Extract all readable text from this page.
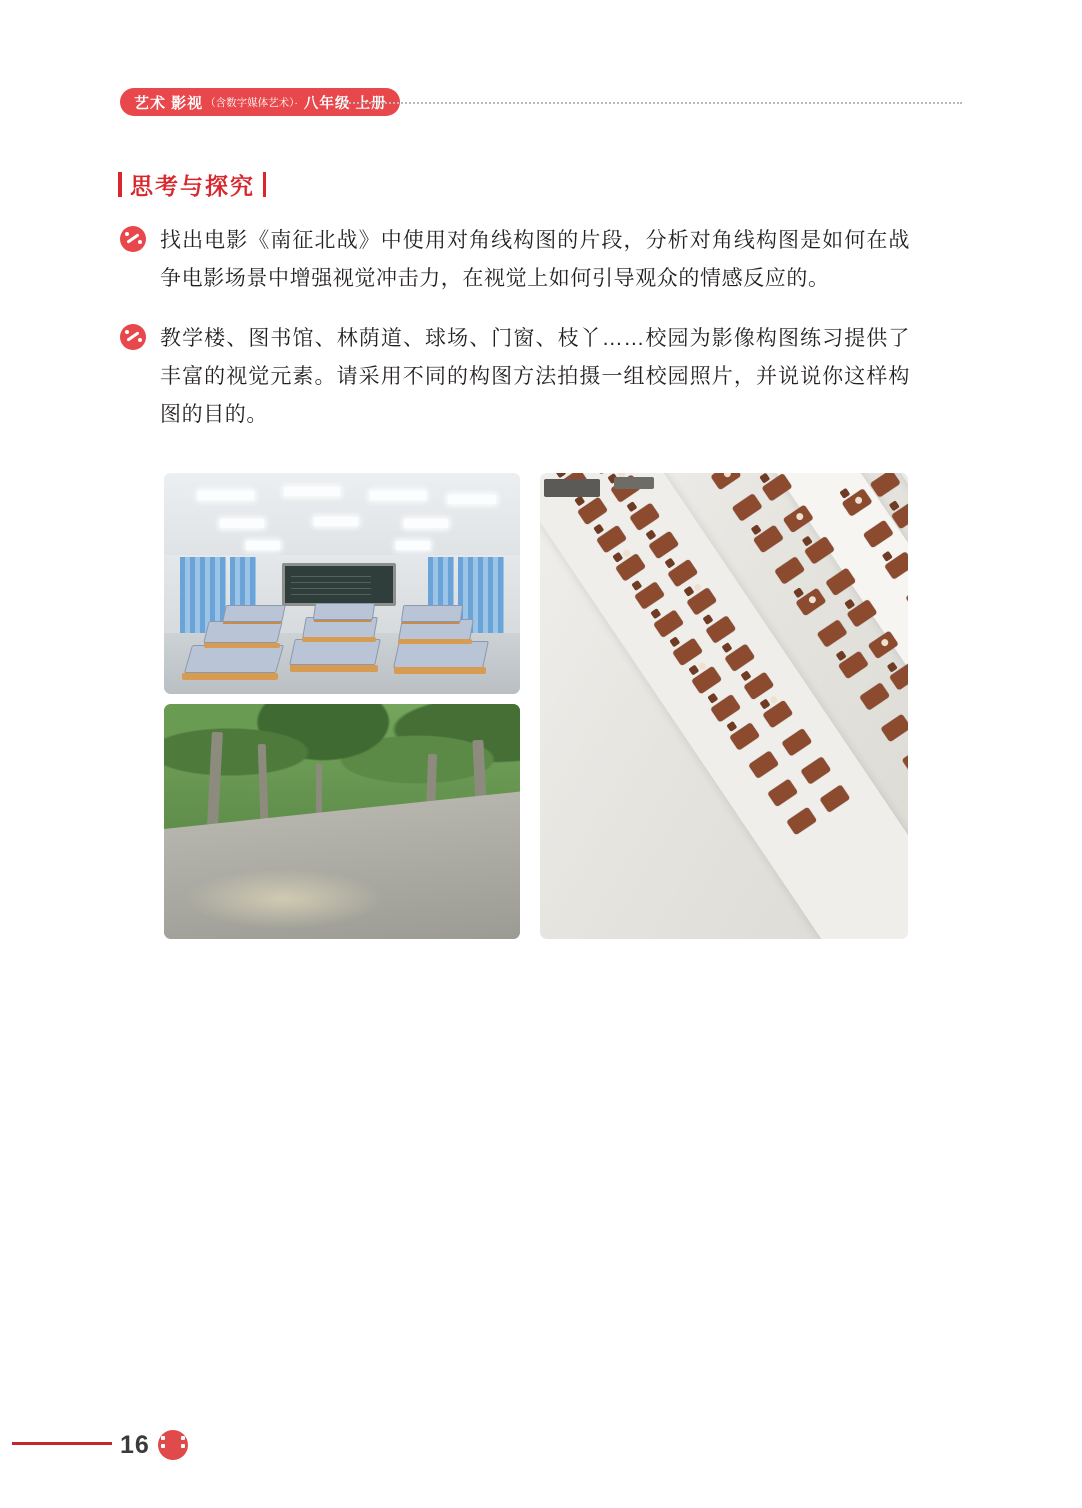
艺术 影视 （含数字媒体艺术）· 八年级 上册
思考与探究
找出电影《南征北战》中使用对角线构图的片段，分析对角线构图是如何在战争电影场景中增强视觉冲击力，在视觉上如何引导观众的情感反应的。
教学楼、图书馆、林荫道、球场、门窗、枝丫……校园为影像构图练习提供了丰富的视觉元素。请采用不同的构图方法拍摄一组校园照片，并说说你这样构图的目的。
16
